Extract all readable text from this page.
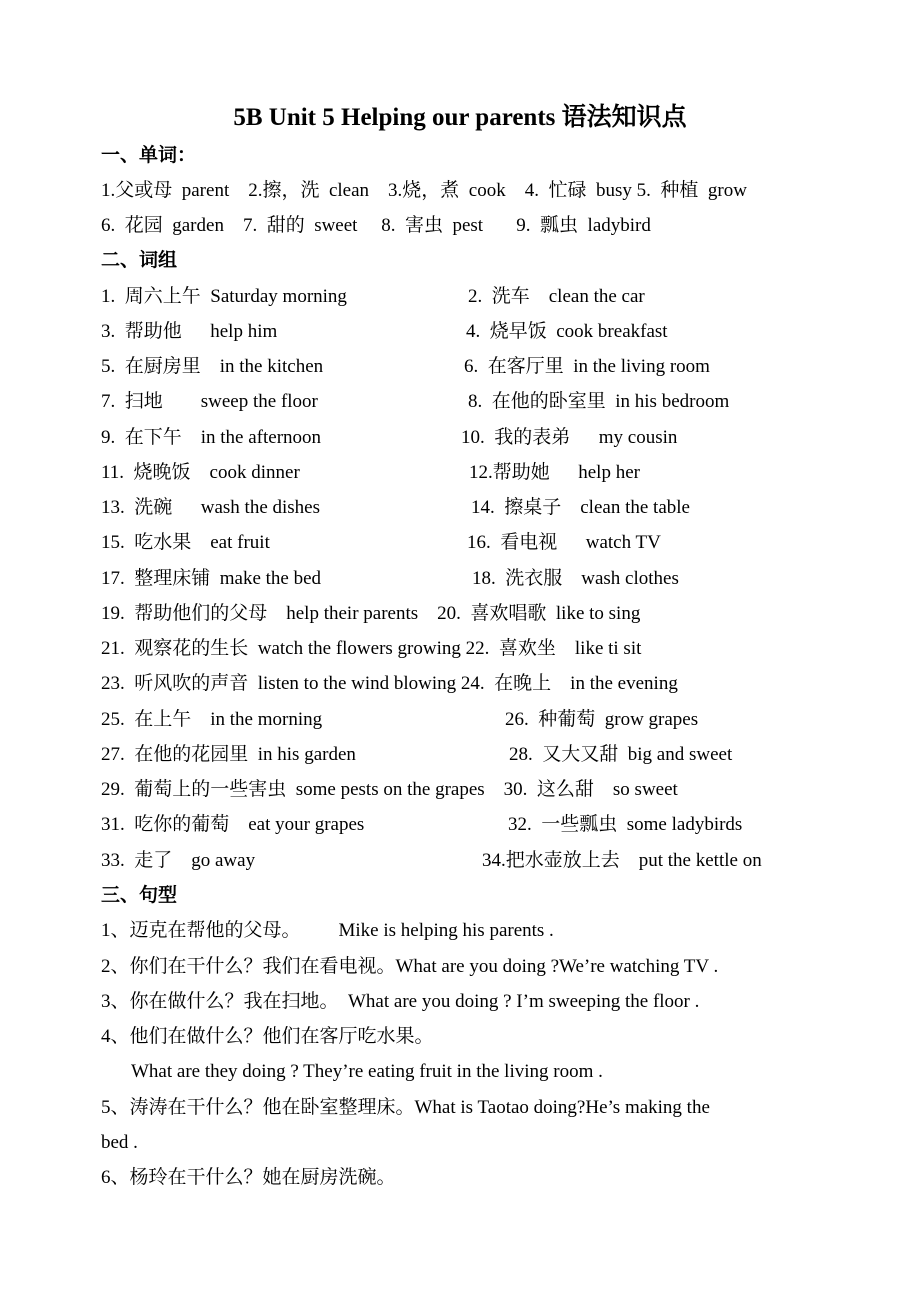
5B Unit 5 Helping our parents 语法知识点
一、单词：
1.父或母  parent    2.擦，洗  clean    3.烧，煮  cook    4.  忙碌  busy 5.  种植  grow
6.  花园  garden    7.  甜的  sweet     8.  害虫  pest       9.  瓢虫  ladybird
二、词组
1.  周六上午  Saturday morning	2.  洗车    clean the car
3.  帮助他      help him	4.  烧早饭  cook breakfast
5.  在厨房里    in the kitchen	6.  在客厅里  in the living room
7.  扫地        sweep the floor	8.  在他的卧室里  in his bedroom
9.  在下午    in the afternoon	10.  我的表弟      my cousin
11.  烧晚饭    cook dinner	12.帮助她      help her
13.  洗碗      wash the dishes	14.  擦桌子    clean the table
15.  吃水果    eat fruit	16.  看电视      watch TV
17.  整理床铺  make the bed	18.  洗衣服    wash clothes
19.  帮助他们的父母    help their parents    20.  喜欢唱歌  like to sing
21.  观察花的生长  watch the flowers growing 22.  喜欢坐    like ti sit
23.  听风吹的声音  listen to the wind blowing 24.  在晚上    in the evening
25.  在上午    in the morning	26.  种葡萄  grow grapes
27.  在他的花园里  in his garden	28.  又大又甜  big and sweet
29.  葡萄上的一些害虫  some pests on the grapes    30.  这么甜    so sweet
31.  吃你的葡萄    eat your grapes	32.  一些瓢虫  some ladybirds
33.  走了    go away	34.把水壶放上去    put the kettle on
三、句型
1、迈克在帮他的父母。        Mike is helping his parents .
2、你们在干什么？我们在看电视。What are you doing ?We’re watching TV .
3、你在做什么？我在扫地。  What are you doing ? I’m sweeping the floor .
4、他们在做什么？他们在客厅吃水果。
What are they doing ? They’re eating fruit in the living room .
5、涛涛在干什么？他在卧室整理床。What is Taotao doing?He’s making the
bed .
6、杨玲在干什么？她在厨房洗碗。
